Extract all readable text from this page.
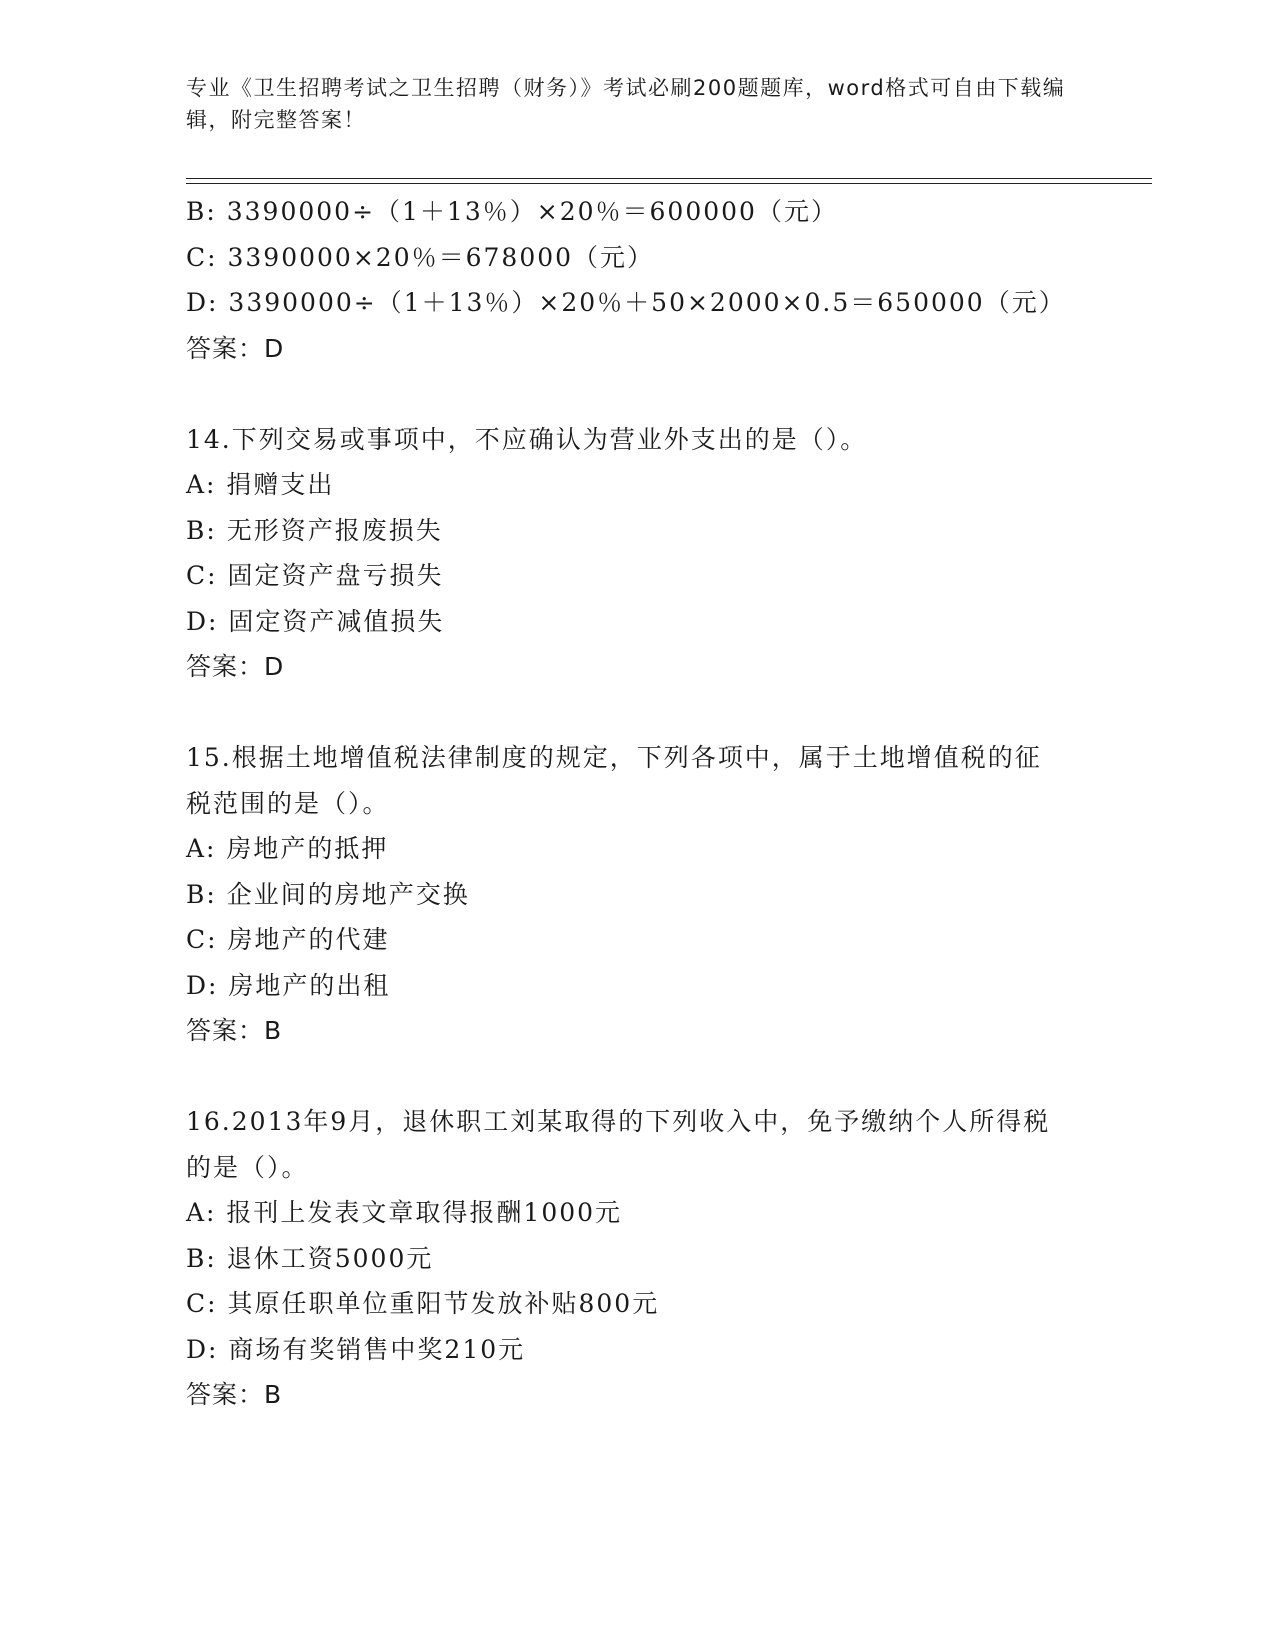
专业《卫生招聘考试之卫生招聘（财务）》考试必刷200题题库，word格式可自由下载编辑，附完整答案！
B: 3390000÷（1＋13％）×20％＝600000（元）
C: 3390000×20％＝678000（元）
D: 3390000÷（1＋13％）×20％＋50×2000×0.5＝650000（元）
答案：D
14.下列交易或事项中，不应确认为营业外支出的是（）。
A: 捐赠支出
B: 无形资产报废损失
C: 固定资产盘亏损失
D: 固定资产减值损失
答案：D
15.根据土地增值税法律制度的规定，下列各项中，属于土地增值税的征税范围的是（）。
A: 房地产的抵押
B: 企业间的房地产交换
C: 房地产的代建
D: 房地产的出租
答案：B
16.2013年9月，退休职工刘某取得的下列收入中，免予缴纳个人所得税的是（）。
A: 报刊上发表文章取得报酬1000元
B: 退休工资5000元
C: 其原任职单位重阳节发放补贴800元
D: 商场有奖销售中奖210元
答案：B
